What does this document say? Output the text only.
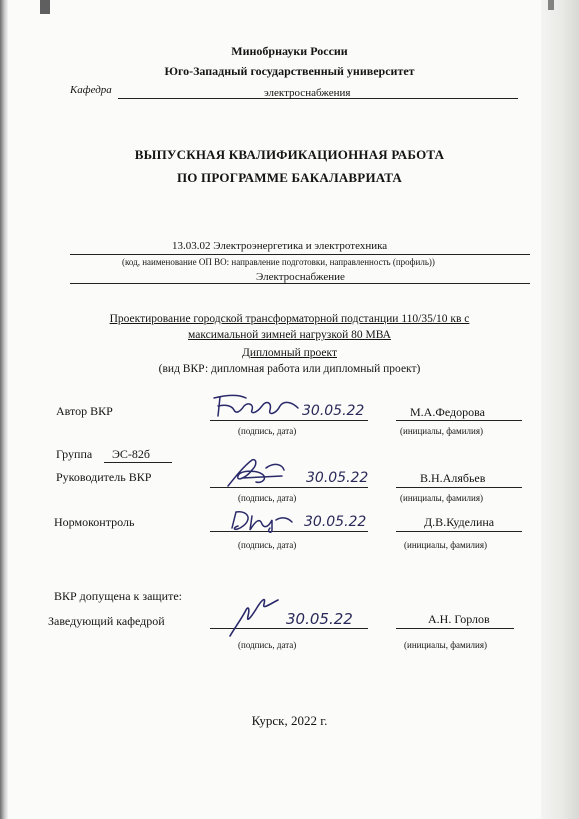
Минобрнауки России
Юго-Западный государственный университет
Кафедра	электроснабжения
ВЫПУСКНАЯ КВАЛИФИКАЦИОННАЯ РАБОТА
ПО ПРОГРАММЕ БАКАЛАВРИАТА
13.03.02 Электроэнергетика и электротехника
(код, наименование ОП ВО: направление подготовки, направленность (профиль))
Электроснабжение
Проектирование городской трансформаторной подстанции 110/35/10 кв с
максимальной зимней нагрузкой 80 МВА
Дипломный проект
(вид ВКР: дипломная работа или дипломный проект)
Автор ВКР	30.05.22	М.А.Федорова
(подпись, дата)	(инициалы, фамилия)
Группа ЭС-82б
Руководитель ВКР	30.05.22	В.Н.Алябьев
(подпись, дата)	(инициалы, фамилия)
Нормоконтроль	30.05.22	Д.В.Куделина
(подпись, дата)	(инициалы, фамилия)
ВКР допущена к защите:
Заведующий кафедрой	30.05.22	А.Н. Горлов
(подпись, дата)	(инициалы, фамилия)
Курск, 2022 г.
